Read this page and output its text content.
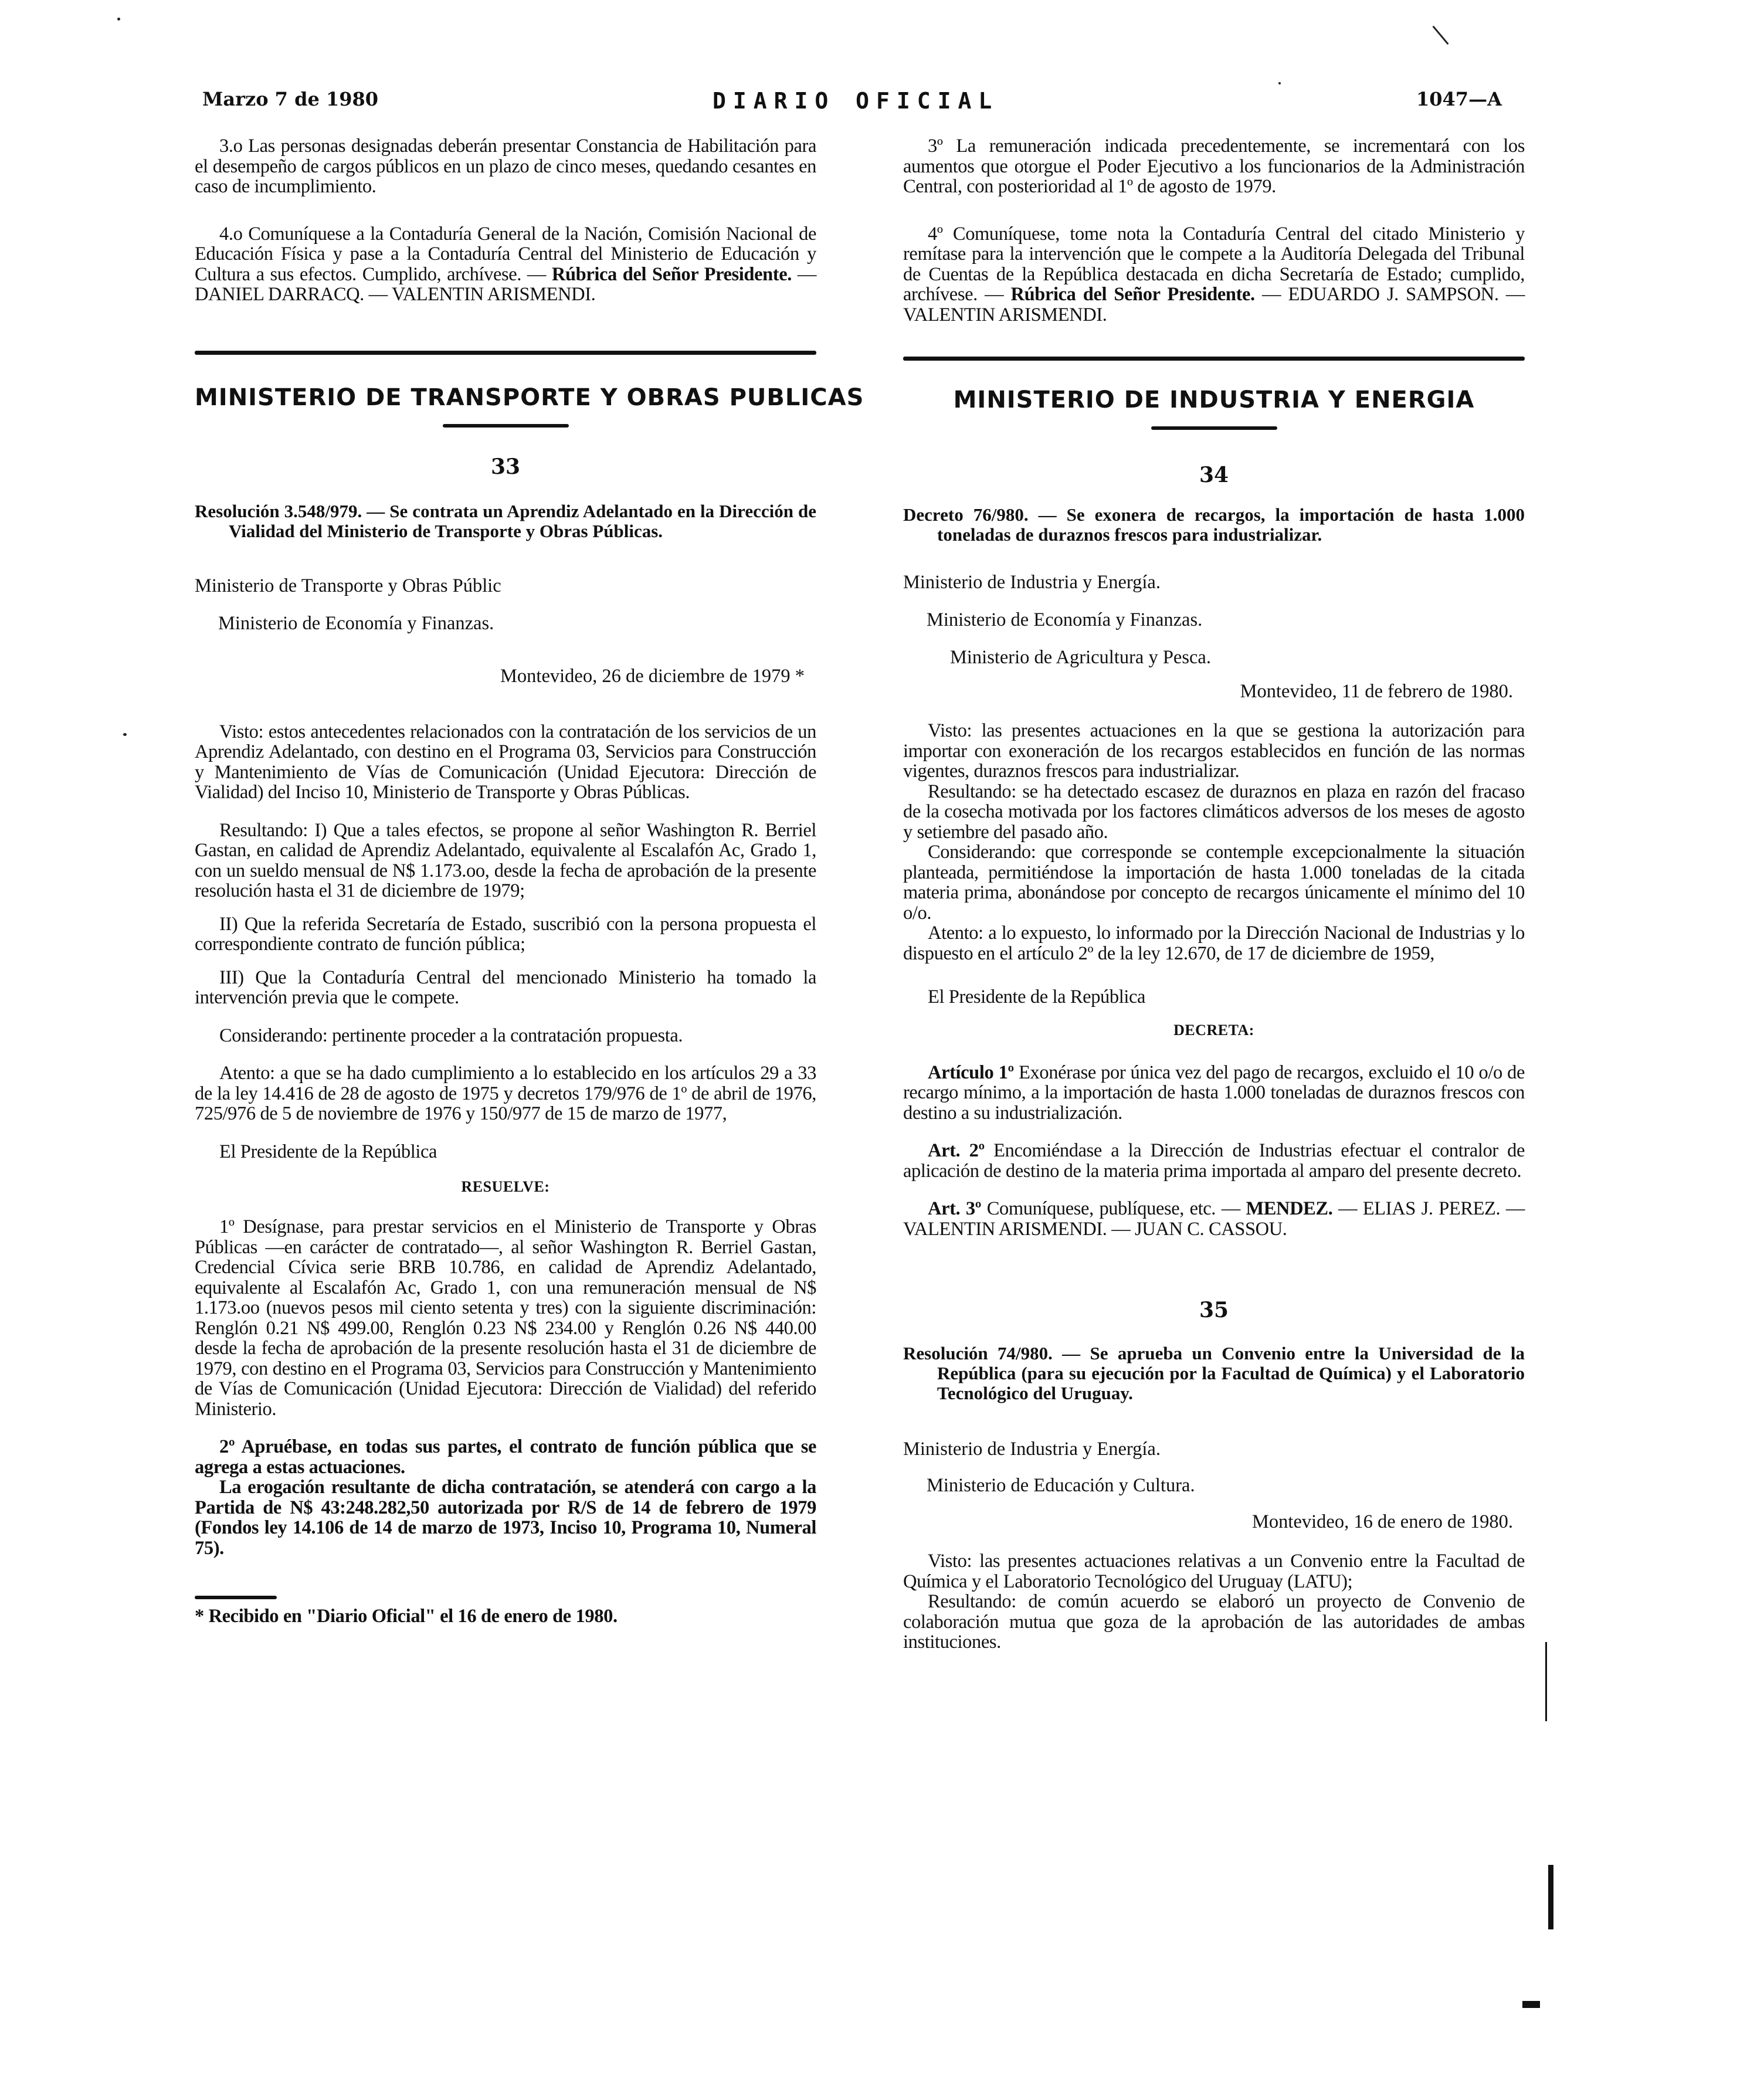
Marzo 7 de 1980	DIARIO OFICIAL	1047—A

3.o Las personas designadas deberán presentar Constancia de Habilitación para el desempeño de cargos públicos en un plazo de cinco meses, quedando cesantes en caso de incumplimiento.

4.o Comuníquese a la Contaduría General de la Nación, Comisión Nacional de Educación Física y pase a la Contaduría Central del Ministerio de Educación y Cultura a sus efectos. Cumplido, archívese. — Rúbrica del Señor Presidente. — DANIEL DARRACQ. — VALENTIN ARISMENDI.

MINISTERIO DE TRANSPORTE Y OBRAS PUBLICAS
33
Resolución 3.548/979. — Se contrata un Aprendiz Adelantado en la Dirección de Vialidad del Ministerio de Transporte y Obras Públicas.
Ministerio de Transporte y Obras Públic
Ministerio de Economía y Finanzas.
Montevideo, 26 de diciembre de 1979 *

Visto: estos antecedentes relacionados con la contratación de los servicios de un Aprendiz Adelantado, con destino en el Programa 03, Servicios para Construcción y Mantenimiento de Vías de Comunicación (Unidad Ejecutora: Dirección de Vialidad) del Inciso 10, Ministerio de Transporte y Obras Públicas.

Resultando: I) Que a tales efectos, se propone al señor Washington R. Berriel Gastan, en calidad de Aprendiz Adelantado, equivalente al Escalafón Ac, Grado 1, con un sueldo mensual de N$ 1.173.oo, desde la fecha de aprobación de la presente resolución hasta el 31 de diciembre de 1979;

II) Que la referida Secretaría de Estado, suscribió con la persona propuesta el correspondiente contrato de función pública;

III) Que la Contaduría Central del mencionado Ministerio ha tomado la intervención previa que le compete.

Considerando: pertinente proceder a la contratación propuesta.

Atento: a que se ha dado cumplimiento a lo establecido en los artículos 29 a 33 de la ley 14.416 de 28 de agosto de 1975 y decretos 179/976 de 1º de abril de 1976, 725/976 de 5 de noviembre de 1976 y 150/977 de 15 de marzo de 1977,

El Presidente de la República

RESUELVE:

1º Desígnase, para prestar servicios en el Ministerio de Transporte y Obras Públicas —en carácter de contratado—, al señor Washington R. Berriel Gastan, Credencial Cívica serie BRB 10.786, en calidad de Aprendiz Adelantado, equivalente al Escalafón Ac, Grado 1, con una remuneración mensual de N$ 1.173.oo (nuevos pesos mil ciento setenta y tres) con la siguiente discriminación: Renglón 0.21 N$ 499.00, Renglón 0.23 N$ 234.00 y Renglón 0.26 N$ 440.00 desde la fecha de aprobación de la presente resolución hasta el 31 de diciembre de 1979, con destino en el Programa 03, Servicios para Construcción y Mantenimiento de Vías de Comunicación (Unidad Ejecutora: Dirección de Vialidad) del referido Ministerio.

2º Apruébase, en todas sus partes, el contrato de función pública que se agrega a estas actuaciones.

La erogación resultante de dicha contratación, se atenderá con cargo a la Partida de N$ 43:248.282,50 autorizada por R/S de 14 de febrero de 1979 (Fondos ley 14.106 de 14 de marzo de 1973, Inciso 10, Programa 10, Numeral 75).

* Recibido en "Diario Oficial" el 16 de enero de 1980.

3º La remuneración indicada precedentemente, se incrementará con los aumentos que otorgue el Poder Ejecutivo a los funcionarios de la Administración Central, con posterioridad al 1º de agosto de 1979.

4º Comuníquese, tome nota la Contaduría Central del citado Ministerio y remítase para la intervención que le compete a la Auditoría Delegada del Tribunal de Cuentas de la República destacada en dicha Secretaría de Estado; cumplido, archívese. — Rúbrica del Señor Presidente. — EDUARDO J. SAMPSON. — VALENTIN ARISMENDI.

MINISTERIO DE INDUSTRIA Y ENERGIA
34
Decreto 76/980. — Se exonera de recargos, la importación de hasta 1.000 toneladas de duraznos frescos para industrializar.
Ministerio de Industria y Energía.
Ministerio de Economía y Finanzas.
Ministerio de Agricultura y Pesca.
Montevideo, 11 de febrero de 1980.

Visto: las presentes actuaciones en la que se gestiona la autorización para importar con exoneración de los recargos establecidos en función de las normas vigentes, duraznos frescos para industrializar.

Resultando: se ha detectado escasez de duraznos en plaza en razón del fracaso de la cosecha motivada por los factores climáticos adversos de los meses de agosto y setiembre del pasado año.

Considerando: que corresponde se contemple excepcionalmente la situación planteada, permitiéndose la importación de hasta 1.000 toneladas de la citada materia prima, abonándose por concepto de recargos únicamente el mínimo del 10 o/o.

Atento: a lo expuesto, lo informado por la Dirección Nacional de Industrias y lo dispuesto en el artículo 2º de la ley 12.670, de 17 de diciembre de 1959,

El Presidente de la República

DECRETA:

Artículo 1º Exonérase por única vez del pago de recargos, excluido el 10 o/o de recargo mínimo, a la importación de hasta 1.000 toneladas de duraznos frescos con destino a su industrialización.

Art. 2º Encomiéndase a la Dirección de Industrias efectuar el contralor de aplicación de destino de la materia prima importada al amparo del presente decreto.

Art. 3º Comuníquese, publíquese, etc. — MENDEZ. — ELIAS J. PEREZ. — VALENTIN ARISMENDI. — JUAN C. CASSOU.

35
Resolución 74/980. — Se aprueba un Convenio entre la Universidad de la República (para su ejecución por la Facultad de Química) y el Laboratorio Tecnológico del Uruguay.
Ministerio de Industria y Energía.
Ministerio de Educación y Cultura.
Montevideo, 16 de enero de 1980.

Visto: las presentes actuaciones relativas a un Convenio entre la Facultad de Química y el Laboratorio Tecnológico del Uruguay (LATU);

Resultando: de común acuerdo se elaboró un proyecto de Convenio de colaboración mutua que goza de la aprobación de las autoridades de ambas instituciones.
